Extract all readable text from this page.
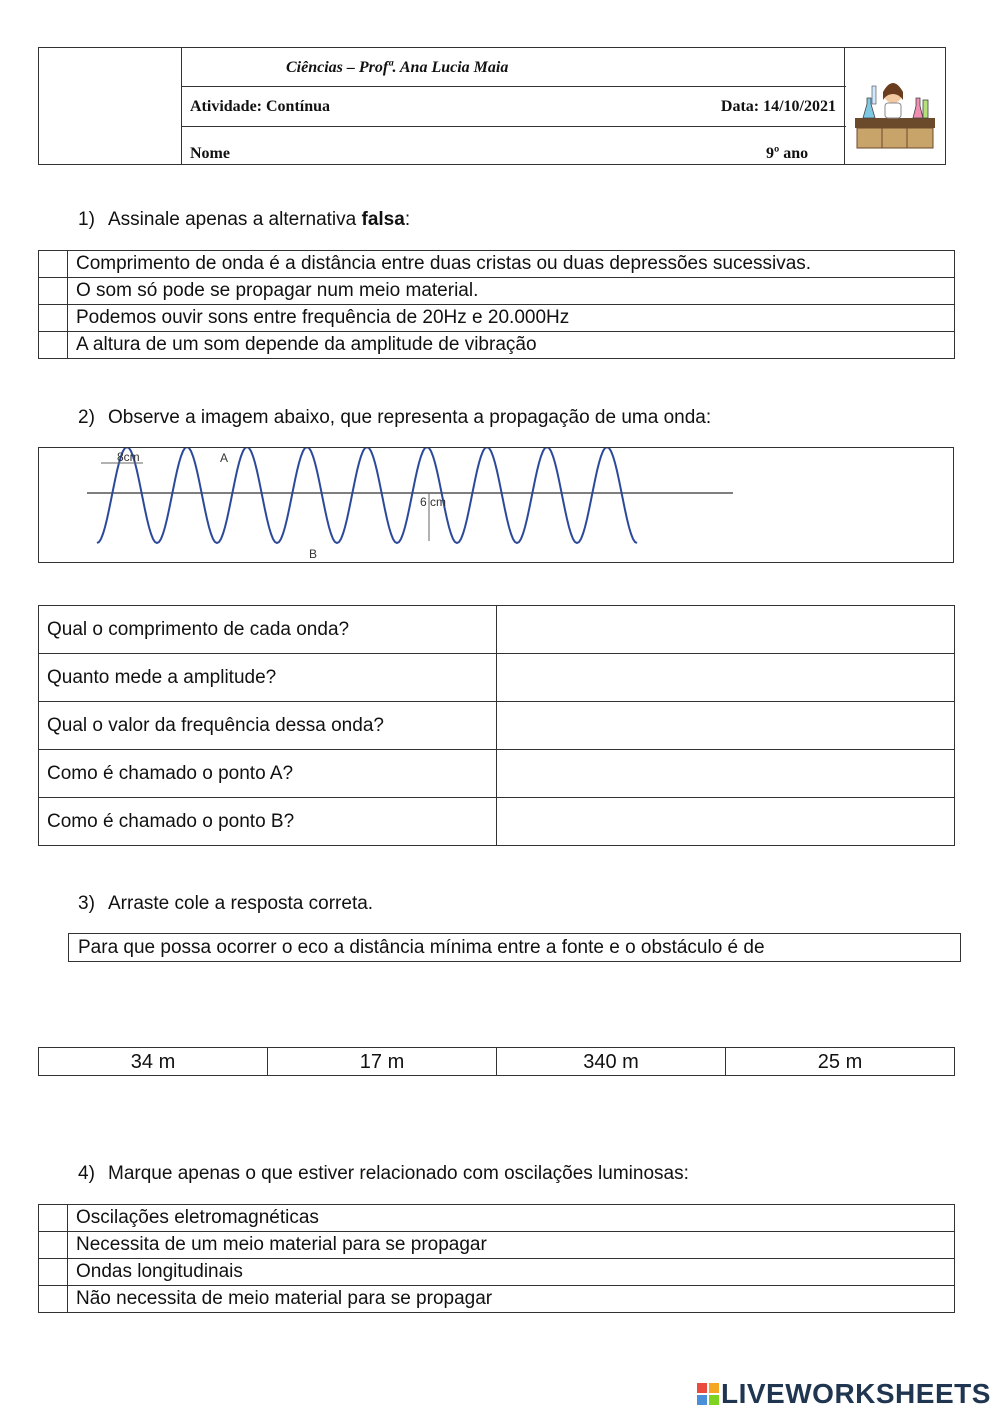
Ciências – Profª. Ana Lucia Maia
Atividade: Contínua	Data: 14/10/2021
Nome	9º ano
1) Assinale apenas a alternativa falsa:
	Comprimento de onda é a distância entre duas cristas ou duas depressões sucessivas.
	O som só pode se propagar num meio material.
	Podemos ouvir sons entre frequência de 20Hz e 20.000Hz
	A altura de um som depende da amplitude de vibração
2) Observe a imagem abaixo, que representa a propagação de uma onda:
8cm	A
B
6 cm
Qual o comprimento de cada onda?	
Quanto mede a amplitude?	
Qual o valor da frequência dessa onda?	
Como é chamado o ponto A?	
Como é chamado o ponto B?	
3) Arraste cole a resposta correta.
Para que possa ocorrer o eco a distância mínima entre a fonte e o obstáculo é de
34 m	17 m	340 m	25 m
4) Marque apenas o que estiver relacionado com oscilações luminosas:
	Oscilações eletromagnéticas
	Necessita de um meio material para se propagar
	Ondas longitudinais
	Não necessita de meio material para se propagar
LIVEWORKSHEETS
